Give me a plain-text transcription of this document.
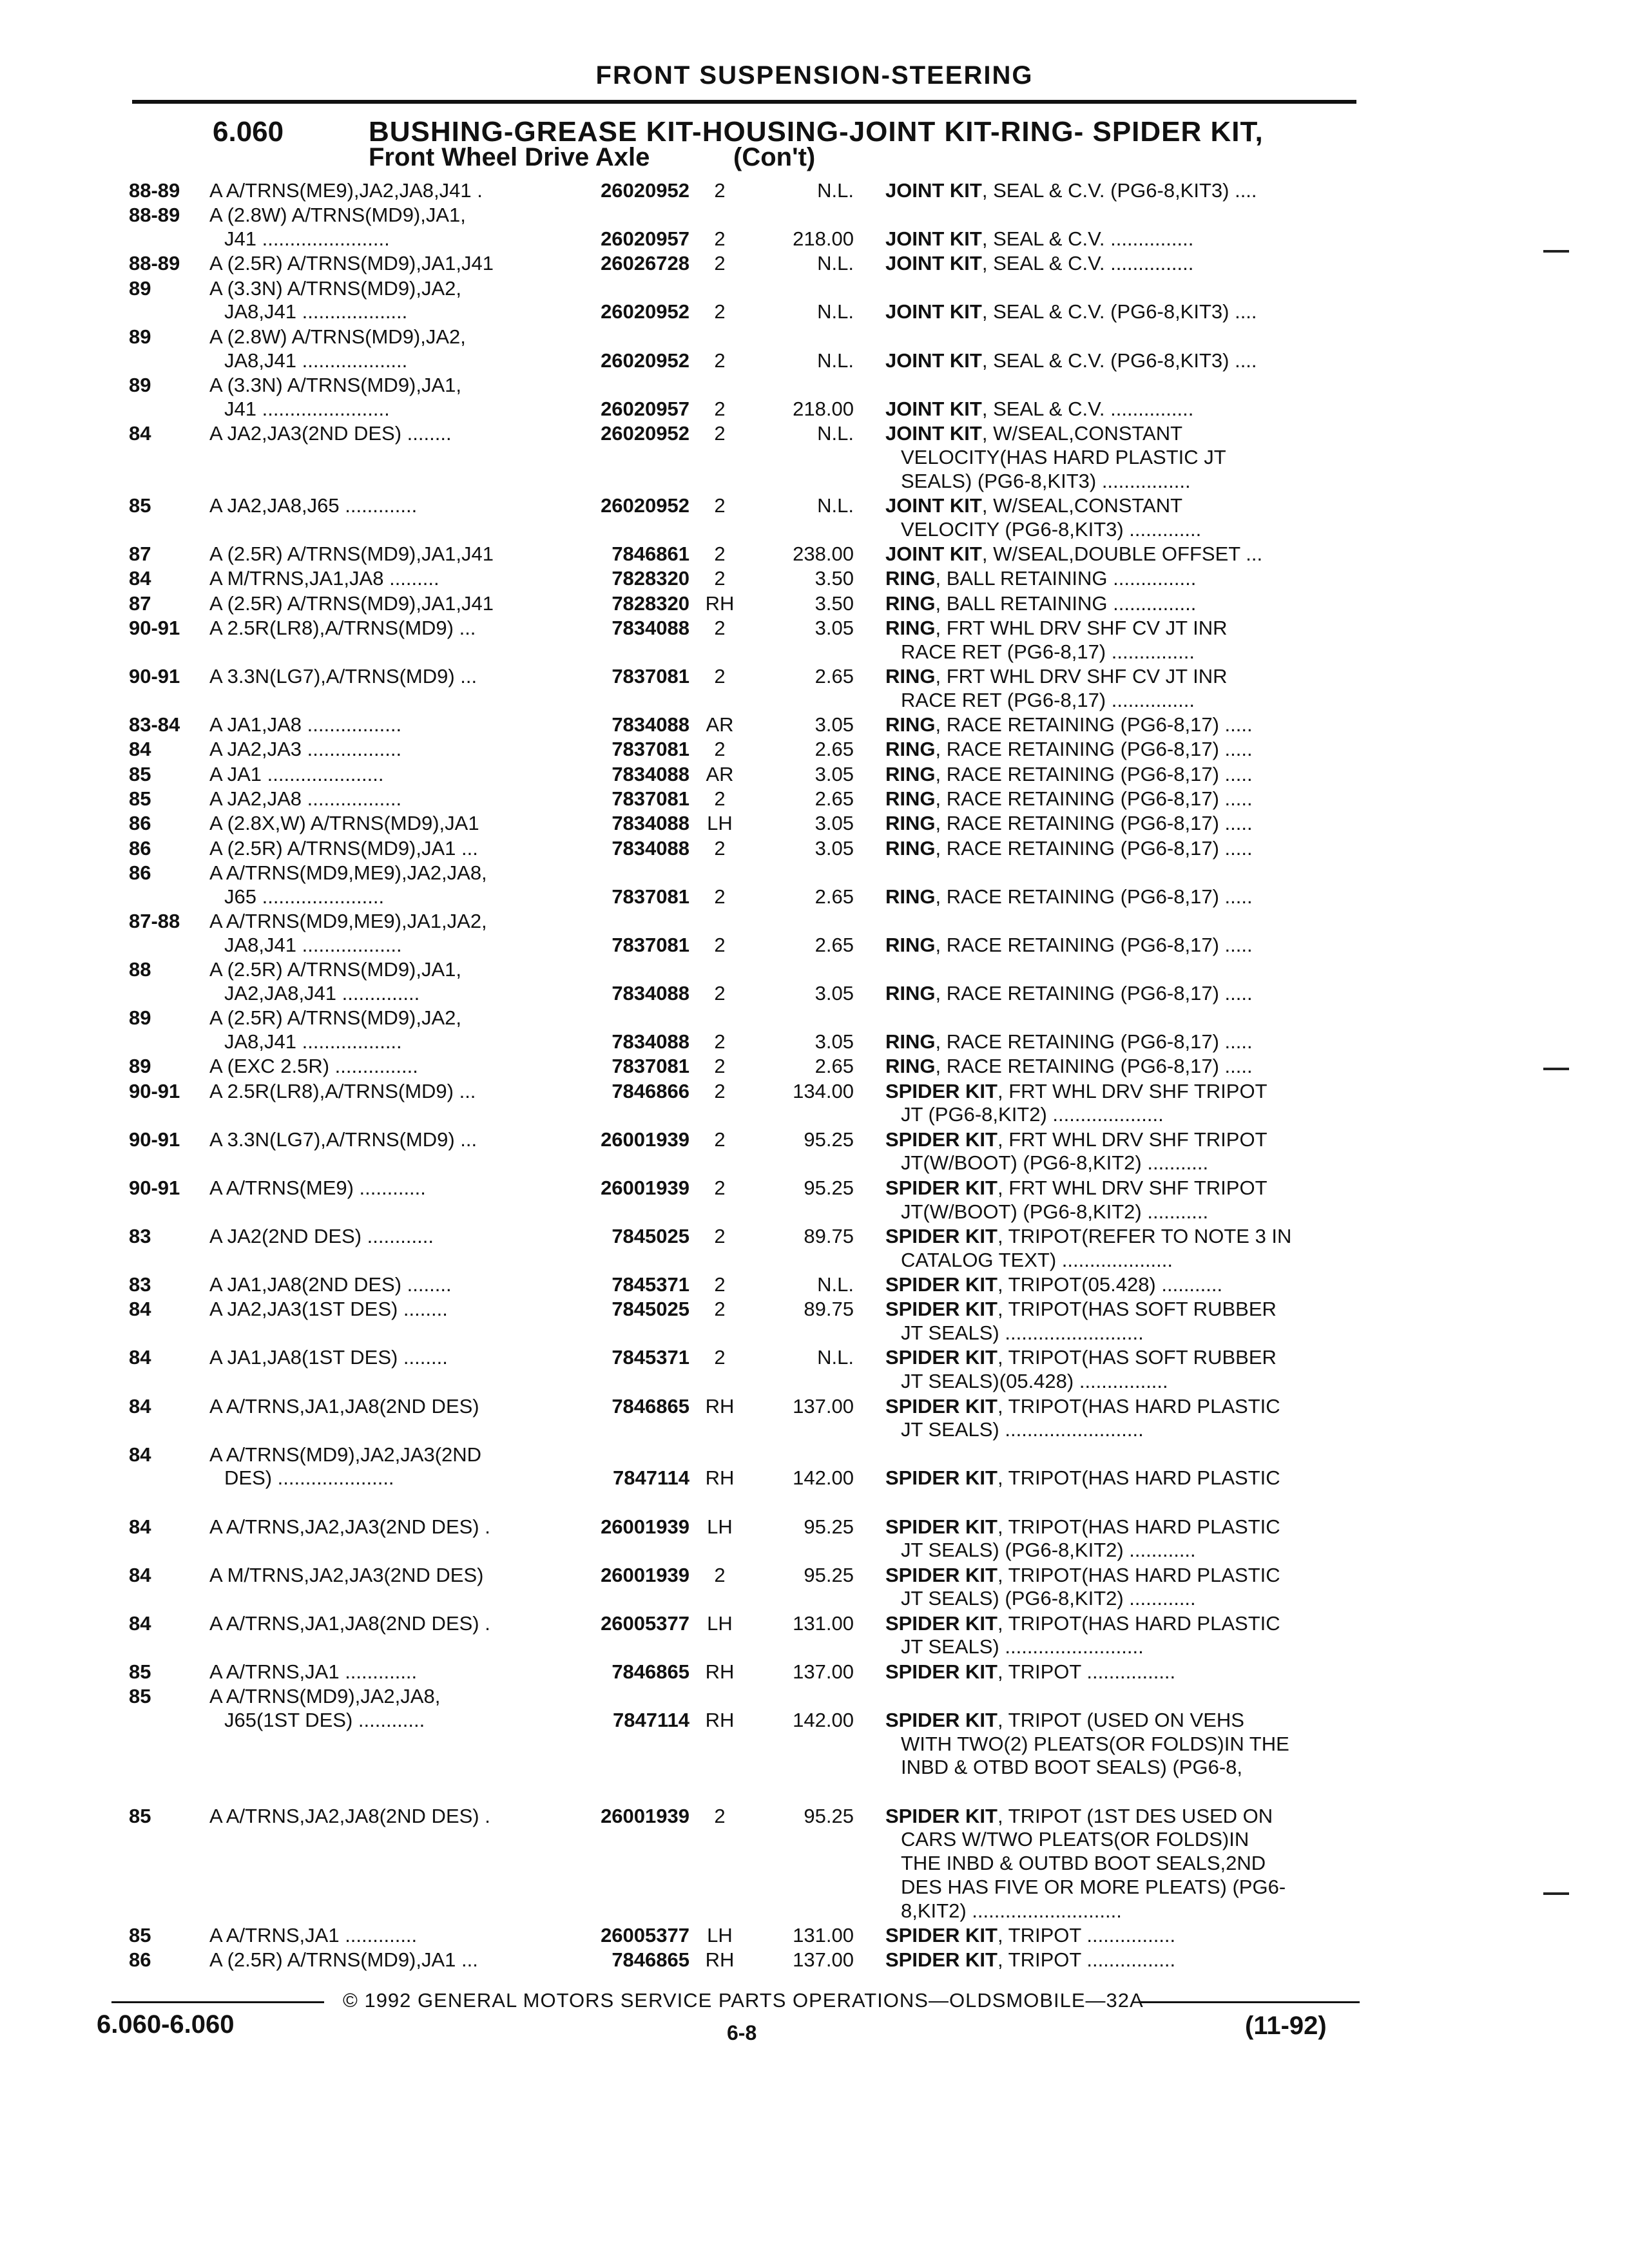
FRONT SUSPENSION-STEERING
6.060	BUSHING-GREASE KIT-HOUSING-JOINT KIT-RING- SPIDER KIT,
Front Wheel Drive Axle	(Con't)
88-89 A A/TRNS(ME9),JA2,JA8,J41 .	26020952	2	N.L. JOINT KIT, SEAL & C.V. (PG6-8,KIT3) ....
88-89 A (2.8W) A/TRNS(MD9),JA1,
J41 .......................	26020957	2	218.00 JOINT KIT, SEAL & C.V. ...............
88-89 A (2.5R) A/TRNS(MD9),JA1,J41	26026728	2	N.L. JOINT KIT, SEAL & C.V. ...............
89	A (3.3N) A/TRNS(MD9),JA2,
JA8,J41 ...................	26020952	2	N.L. JOINT KIT, SEAL & C.V. (PG6-8,KIT3) ....
89	A (2.8W) A/TRNS(MD9),JA2,
JA8,J41 ...................	26020952	2	N.L. JOINT KIT, SEAL & C.V. (PG6-8,KIT3) ....
89	A (3.3N) A/TRNS(MD9),JA1,
J41 .......................	26020957	2	218.00 JOINT KIT, SEAL & C.V. ...............
84	A JA2,JA3(2ND DES) ........	26020952	2	N.L. JOINT KIT, W/SEAL,CONSTANT
VELOCITY(HAS HARD PLASTIC JT
SEALS) (PG6-8,KIT3) ................
85	A JA2,JA8,J65 .............	26020952	2	N.L. JOINT KIT, W/SEAL,CONSTANT
VELOCITY (PG6-8,KIT3) .............
87	A (2.5R) A/TRNS(MD9),JA1,J41	7846861	2	238.00 JOINT KIT, W/SEAL,DOUBLE OFFSET ...
84	A M/TRNS,JA1,JA8 .........	7828320	2	3.50 RING, BALL RETAINING ...............
87	A (2.5R) A/TRNS(MD9),JA1,J41	7828320 RH	3.50 RING, BALL RETAINING ...............
90-91 A 2.5R(LR8),A/TRNS(MD9) ...	7834088	2	3.05 RING, FRT WHL DRV SHF CV JT INR
RACE RET (PG6-8,17) ...............
90-91 A 3.3N(LG7),A/TRNS(MD9) ...	7837081	2	2.65 RING, FRT WHL DRV SHF CV JT INR
RACE RET (PG6-8,17) ...............
83-84 A JA1,JA8 .................	7834088 AR	3.05 RING, RACE RETAINING (PG6-8,17) .....
84	A JA2,JA3 .................	7837081	2	2.65 RING, RACE RETAINING (PG6-8,17) .....
85	A JA1 .....................	7834088 AR	3.05 RING, RACE RETAINING (PG6-8,17) .....
85	A JA2,JA8 .................	7837081	2	2.65 RING, RACE RETAINING (PG6-8,17) .....
86	A (2.8X,W) A/TRNS(MD9),JA1	7834088 LH	3.05 RING, RACE RETAINING (PG6-8,17) .....
86	A (2.5R) A/TRNS(MD9),JA1 ...	7834088	2	3.05 RING, RACE RETAINING (PG6-8,17) .....
86	A A/TRNS(MD9,ME9),JA2,JA8,
J65 ......................	7837081	2	2.65 RING, RACE RETAINING (PG6-8,17) .....
87-88 A A/TRNS(MD9,ME9),JA1,JA2,
JA8,J41 ..................	7837081	2	2.65 RING, RACE RETAINING (PG6-8,17) .....
88	A (2.5R) A/TRNS(MD9),JA1,
JA2,JA8,J41 ..............	7834088	2	3.05 RING, RACE RETAINING (PG6-8,17) .....
89	A (2.5R) A/TRNS(MD9),JA2,
JA8,J41 ..................	7834088	2	3.05 RING, RACE RETAINING (PG6-8,17) .....
89	A (EXC 2.5R) ...............	7837081	2	2.65 RING, RACE RETAINING (PG6-8,17) .....
90-91 A 2.5R(LR8),A/TRNS(MD9) ...	7846866	2	134.00 SPIDER KIT, FRT WHL DRV SHF TRIPOT
JT (PG6-8,KIT2) ....................
90-91 A 3.3N(LG7),A/TRNS(MD9) ...	26001939	2	95.25 SPIDER KIT, FRT WHL DRV SHF TRIPOT
JT(W/BOOT) (PG6-8,KIT2) ...........
90-91 A A/TRNS(ME9) ............	26001939	2	95.25 SPIDER KIT, FRT WHL DRV SHF TRIPOT
JT(W/BOOT) (PG6-8,KIT2) ...........
83	A JA2(2ND DES) ............	7845025	2	89.75 SPIDER KIT, TRIPOT(REFER TO NOTE 3 IN
CATALOG TEXT) ....................
83	A JA1,JA8(2ND DES) ........	7845371	2	N.L. SPIDER KIT, TRIPOT(05.428) ...........
84	A JA2,JA3(1ST DES) ........	7845025	2	89.75 SPIDER KIT, TRIPOT(HAS SOFT RUBBER
JT SEALS) .........................
84	A JA1,JA8(1ST DES) ........	7845371	2	N.L. SPIDER KIT, TRIPOT(HAS SOFT RUBBER
JT SEALS)(05.428) ................
84	A A/TRNS,JA1,JA8(2ND DES)	7846865 RH	137.00 SPIDER KIT, TRIPOT(HAS HARD PLASTIC
JT SEALS) .........................
84	A A/TRNS(MD9),JA2,JA3(2ND
DES) .....................	7847114 RH	142.00 SPIDER KIT, TRIPOT(HAS HARD PLASTIC
84	A A/TRNS,JA2,JA3(2ND DES) .	26001939 LH	95.25 SPIDER KIT, TRIPOT(HAS HARD PLASTIC
JT SEALS) (PG6-8,KIT2) ............
84	A M/TRNS,JA2,JA3(2ND DES)	26001939	2	95.25 SPIDER KIT, TRIPOT(HAS HARD PLASTIC
JT SEALS) (PG6-8,KIT2) ............
84	A A/TRNS,JA1,JA8(2ND DES) .	26005377 LH	131.00 SPIDER KIT, TRIPOT(HAS HARD PLASTIC
JT SEALS) .........................
85	A A/TRNS,JA1 .............	7846865 RH	137.00 SPIDER KIT, TRIPOT ................
85	A A/TRNS(MD9),JA2,JA8,
J65(1ST DES) ............	7847114 RH	142.00 SPIDER KIT, TRIPOT (USED ON VEHS
WITH TWO(2) PLEATS(OR FOLDS)IN THE
INBD & OTBD BOOT SEALS) (PG6-8,
85	A A/TRNS,JA2,JA8(2ND DES) .	26001939	2	95.25 SPIDER KIT, TRIPOT (1ST DES USED ON
CARS W/TWO PLEATS(OR FOLDS)IN
THE INBD & OUTBD BOOT SEALS,2ND
DES HAS FIVE OR MORE PLEATS) (PG6-
8,KIT2) ...........................
85	A A/TRNS,JA1 .............	26005377 LH	131.00 SPIDER KIT, TRIPOT ................
86	A (2.5R) A/TRNS(MD9),JA1 ...	7846865 RH	137.00 SPIDER KIT, TRIPOT ................
© 1992 GENERAL MOTORS SERVICE PARTS OPERATIONS—OLDSMOBILE—32A
6.060-6.060	6-8	(11-92)
